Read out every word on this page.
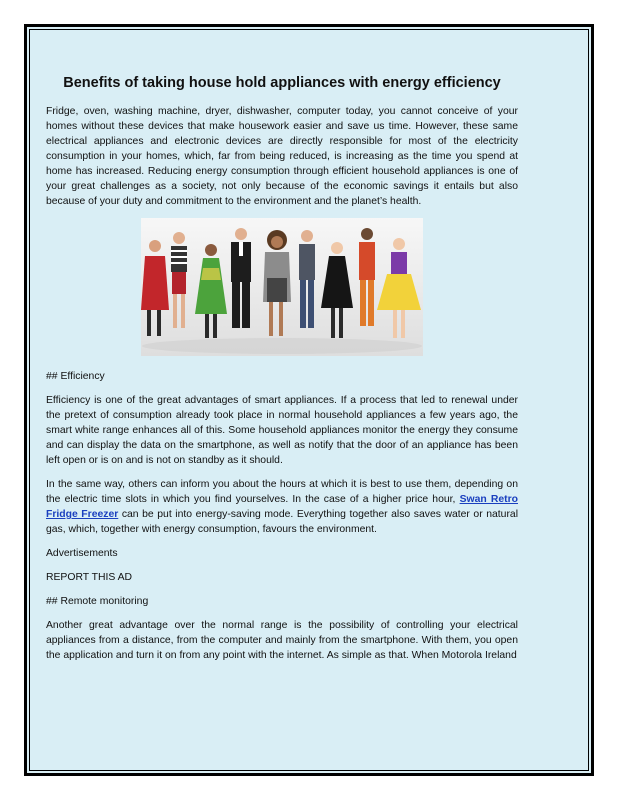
Benefits of taking house hold appliances with energy efficiency

Fridge, oven, washing machine, dryer, dishwasher, computer today, you cannot conceive of your homes without these devices that make housework easier and save us time. However, these same electrical appliances and electronic devices are directly responsible for most of the electricity consumption in your homes, which, far from being reduced, is increasing as the time you spend at home has increased. Reducing energy consumption through efficient household appliances is one of your great challenges as a society, not only because of the economic savings it entails but also because of your duty and commitment to the environment and the planet’s health.

## Efficiency

Efficiency is one of the great advantages of smart appliances. If a process that led to renewal under the pretext of consumption already took place in normal household appliances a few years ago, the smart white range enhances all of this. Some household appliances monitor the energy they consume and can display the data on the smartphone, as well as notify that the door of an appliance has been left open or is on and is not on standby as it should.

In the same way, others can inform you about the hours at which it is best to use them, depending on the electric time slots in which you find yourselves. In the case of a higher price hour, Swan Retro Fridge Freezer can be put into energy-saving mode. Everything together also saves water or natural gas, which, together with energy consumption, favours the environment.

Advertisements

REPORT THIS AD

## Remote monitoring

Another great advantage over the normal range is the possibility of controlling your electrical appliances from a distance, from the computer and mainly from the smartphone. With them, you open the application and turn it on from any point with the internet. As simple as that. When Motorola Ireland
